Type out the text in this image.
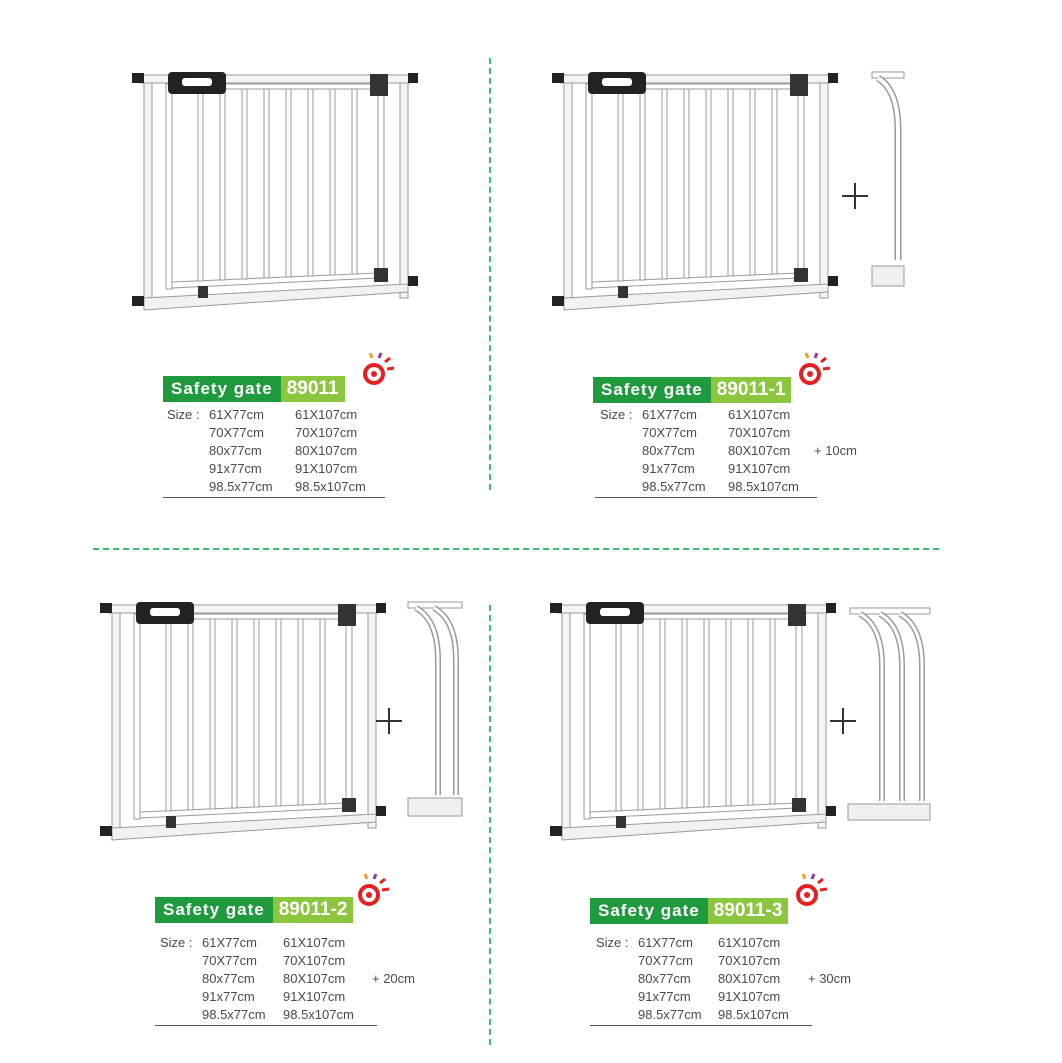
Safety gate 89011
Size : 61X77cm
70X77cm
80x77cm
91x77cm
98.5x77cm
61X107cm
70X107cm
80X107cm
91X107cm
98.5x107cm
Safety gate 89011-1
Size : 61X77cm
70X77cm
80x77cm
91x77cm
98.5x77cm
61X107cm
70X107cm
80X107cm
91X107cm
98.5x107cm
+ 10cm
Safety gate 89011-2
Size : 61X77cm
70X77cm
80x77cm
91x77cm
98.5x77cm
61X107cm
70X107cm
80X107cm
91X107cm
98.5x107cm
+ 20cm
Safety gate 89011-3
Size : 61X77cm
70X77cm
80x77cm
91x77cm
98.5x77cm
61X107cm
70X107cm
80X107cm
91X107cm
98.5x107cm
+ 30cm
